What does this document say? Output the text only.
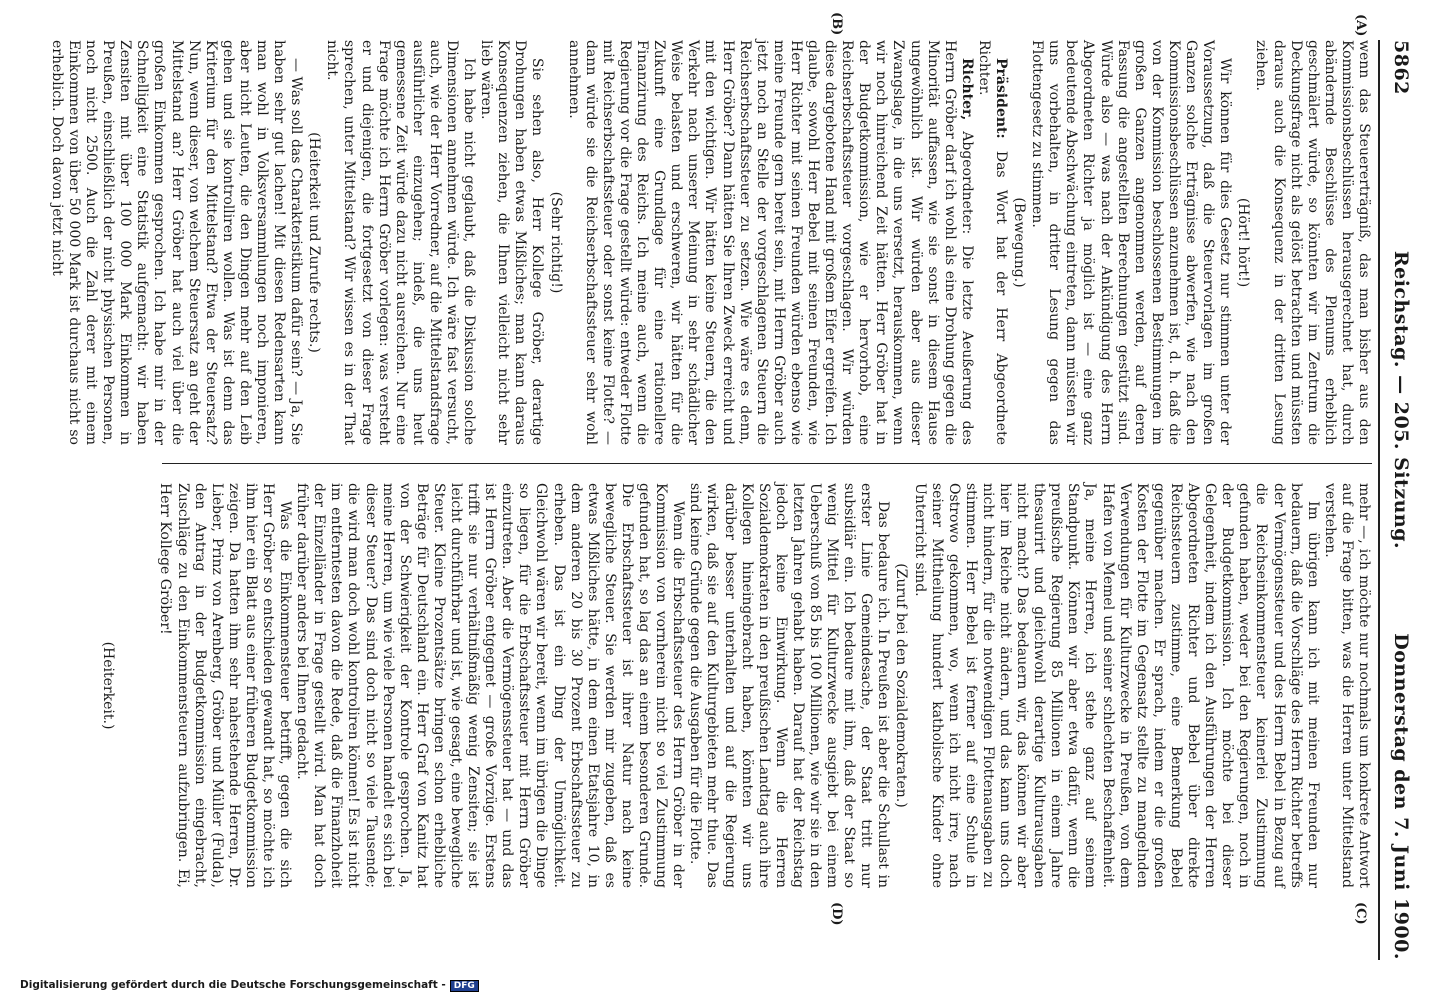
5862
Reichstag. — 205. Sitzung.
Donnerstag den 7. Juni 1900.
(A)
(B)
(C)
(D)

wenn das Steuererträgniß, das man bisher aus den Kommissionsbeschlüssen herausgerechnet hat, durch abändernde Beschlüsse des Plenums erheblich geschmälert würde, so könnten wir im Zentrum die Deckungsfrage nicht als gelöst betrachten und müssten daraus auch die Konsequenz in der dritten Lesung ziehen.

(Hört! hört!)

Wir können für dies Gesetz nur stimmen unter der Voraussetzung, daß die Steuervorlagen im großen Ganzen solche Erträgnisse abwerfen, wie nach den Kommissionsbeschlüssen anzunehmen ist, d. h. daß die von der Kommission beschlossenen Bestimmungen im großen Ganzen angenommen werden, auf deren Fassung die angestellten Berechnungen gestützt sind. Würde also — was nach der Ankündigung des Herrn Abgeordneten Richter ja möglich ist — eine ganz bedeutende Abschwächung eintreten, dann müssten wir uns vorbehalten, in dritter Lesung gegen das Flottengesetz zu stimmen.

(Bewegung.)

Präsident: Das Wort hat der Herr Abgeordnete Richter.

Richter, Abgeordneter: Die letzte Aeußerung des Herrn Gröber darf ich wohl als eine Drohung gegen die Minorität auffassen, wie sie sonst in diesem Hause ungewöhnlich ist. Wir würden aber aus dieser Zwangslage, in die uns versetzt, herauskommen, wenn wir noch hinreichend Zeit hätten. Herr Gröber hat in der Budgetkommission, wie er hervorhob, eine Reichserbschaftssteuer vorgeschlagen. Wir würden diese dargebotene Hand mit großem Eifer ergreifen. Ich glaube, sowohl Herr Bebel mit seinen Freunden, wie Herr Richter mit seinen Freunden würden ebenso wie meine Freunde gern bereit sein, mit Herrn Gröber auch jetzt noch an Stelle der vorgeschlagenen Steuern die Reichserbschaftssteuer zu setzen. Wie wäre es denn, Herr Gröber? Dann hätten Sie Ihren Zweck erreicht und mit den wichtigen. Wir hätten keine Steuern, die den Verkehr nach unserer Meinung in sehr schädlicher Weise belasten und erschweren, wir hätten für die Zukunft eine Grundlage für eine rationellere Finanzirung des Reichs. Ich meine auch, wenn die Regierung vor die Frage gestellt würde: entweder Flotte mit Reichserbschaftssteuer oder sonst keine Flotte? — dann würde sie die Reichserbschaftssteuer sehr wohl annehmen.

(Sehr richtig!)

Sie sehen also, Herr Kollege Gröber, derartige Drohungen haben etwas Mißliches; man kann daraus Konsequenzen ziehen, die Ihnen vielleicht nicht sehr lieb wären.

Ich habe nicht geglaubt, daß die Diskussion solche Dimensionen annehmen würde. Ich wäre fast versucht, auch, wie der Herr Vorredner, auf die Mittelstandsfrage ausführlicher einzugehen; indeß, die uns heut gemessene Zeit würde dazu nicht ausreichen. Nur eine Frage möchte ich Herrn Gröber vorlegen: was versteht er und diejenigen, die fortgesetzt von dieser Frage sprechen, unter Mittelstand? Wir wissen es in der That nicht.

(Heiterkeit und Zurufe rechts.)

— Was soll das Charakteristikum dafür sein? — Ja, Sie haben sehr gut lachen! Mit diesen Redensarten kann man wohl in Volksversammlungen noch imponieren, aber nicht Leuten, die den Dingen mehr auf den Leib gehen und sie kontrolliren wollen. Was ist denn das Kriterium für den Mittelstand? Etwa der Steuersatz? Nun, wenn dieser, von welchem Steuersatz an geht der Mittelstand an? Herr Gröber hat auch viel über die großen Einkommen gesprochen. Ich habe mir in der Schnelligkeit eine Statistik aufgemacht: wir haben Zensiten mit über 100 000 Mark Einkommen in Preußen, einschließlich der nicht physischen Personen, noch nicht 2500. Auch die Zahl derer mit einem Einkommen von über 50 000 Mark ist durchaus nicht so erheblich. Doch davon jetzt nicht

mehr —, ich möchte nur nochmals um konkrete Antwort auf die Frage bitten, was die Herren unter Mittelstand verstehen.

Im übrigen kann ich mit meinen Freunden nur bedauern, daß die Vorschläge des Herrn Richter betreffs der Vermögenssteuer und des Herrn Bebel in Bezug auf die Reichseinkommensteuer keinerlei Zustimmung gefunden haben, weder bei den Regierungen, noch in der Budgetkommission. Ich möchte bei dieser Gelegenheit, indem ich den Ausführungen der Herren Abgeordneten Richter und Bebel über direkte Reichssteuern zustimme, eine Bemerkung Bebel gegenüber machen. Er sprach, indem er die großen Kosten der Flotte im Gegensatz stellte zu mangelnden Verwendungen für Kulturzwecke in Preußen, von dem Hafen von Memel und seiner schlechten Beschaffenheit. Ja, meine Herren, ich stehe ganz auf seinem Standpunkt. Können wir aber etwa dafür, wenn die preußische Regierung 85 Millionen in einem Jahre thesaurirt und gleichwohl derartige Kulturausgaben nicht macht? Das bedauern wir, das können wir aber hier im Reiche nicht ändern, und das kann uns doch nicht hindern, für die notwendigen Flottenausgaben zu stimmen. Herr Bebel ist ferner auf eine Schule in Ostrowo gekommen, wo, wenn ich nicht irre, nach seiner Mittheilung hundert katholische Kinder ohne Unterricht sind.

(Zuruf bei den Sozialdemokraten.)

Das bedaure ich. In Preußen ist aber die Schullast in erster Linie Gemeindesache, der Staat tritt nur subsidiär ein. Ich bedaure mit ihm, daß der Staat so wenig Mittel für Kulturzwecke ausgiebt bei einem Ueberschuß von 85 bis 100 Millionen, wie wir sie in den letzten Jahren gehabt haben. Darauf hat der Reichstag jedoch keine Einwirkung. Wenn die Herren Sozialdemokraten in den preußischen Landtag auch ihre Kollegen hineingebracht haben, könnten wir uns darüber besser unterhalten und auf die Regierung wirken, daß sie auf den Kulturgebieten mehr thue. Das sind keine Gründe gegen die Ausgaben für die Flotte.

Wenn die Erbschaftssteuer des Herrn Gröber in der Kommission von vornherein nicht so viel Zustimmung gefunden hat, so lag das an einem besonderen Grunde. Die Erbschaftssteuer ist ihrer Natur nach keine bewegliche Steuer. Sie werden mir zugeben, daß es etwas Mißliches hätte, in dem einen Etatsjahre 10, in dem anderen 20 bis 30 Prozent Erbschaftssteuer zu erheben. Das ist ein Ding der Unmöglichkeit. Gleichwohl wären wir bereit, wenn im übrigen die Dinge so liegen, für die Erbschaftssteuer mit Herrn Gröber einzutreten. Aber die Vermögenssteuer hat — und das ist Herrn Gröber entgegnet — große Vorzüge. Erstens trifft sie nur verhältnißmäßig wenig Zensiten; sie ist leicht durchführbar und ist, wie gesagt, eine bewegliche Steuer. Kleine Prozentsätze bringen schon erhebliche Beträge für Deutschland ein. Herr Graf von Kanitz hat von der Schwierigkeit der Kontrole gesprochen. Ja, meine Herren, um wie viele Personen handelt es sich bei dieser Steuer? Das sind doch nicht so viele Tausende; die wird man doch wohl kontroliren können! Es ist nicht im entferntesten davon die Rede, daß die Finanzhoheit der Einzelländer in Frage gestellt wird. Man hat doch früher darüber anders bei Ihnen gedacht.

Was die Einkommensteuer betrifft, gegen die sich Herr Gröber so entschieden gewandt hat, so möchte ich ihm hier ein Blatt aus einer früheren Budgetkommission zeigen. Da hatten ihm sehr nahestehende Herren, Dr. Lieber, Prinz von Arenberg, Gröber und Müller (Fulda), den Antrag in der Budgetkommission eingebracht, Zuschläge zu den Einkommensteuern aufzubringen. Ei, Herr Kollege Gröber!

(Heiterkeit.)

Digitalisierung gefördert durch die Deutsche Forschungsgemeinschaft - DFG
